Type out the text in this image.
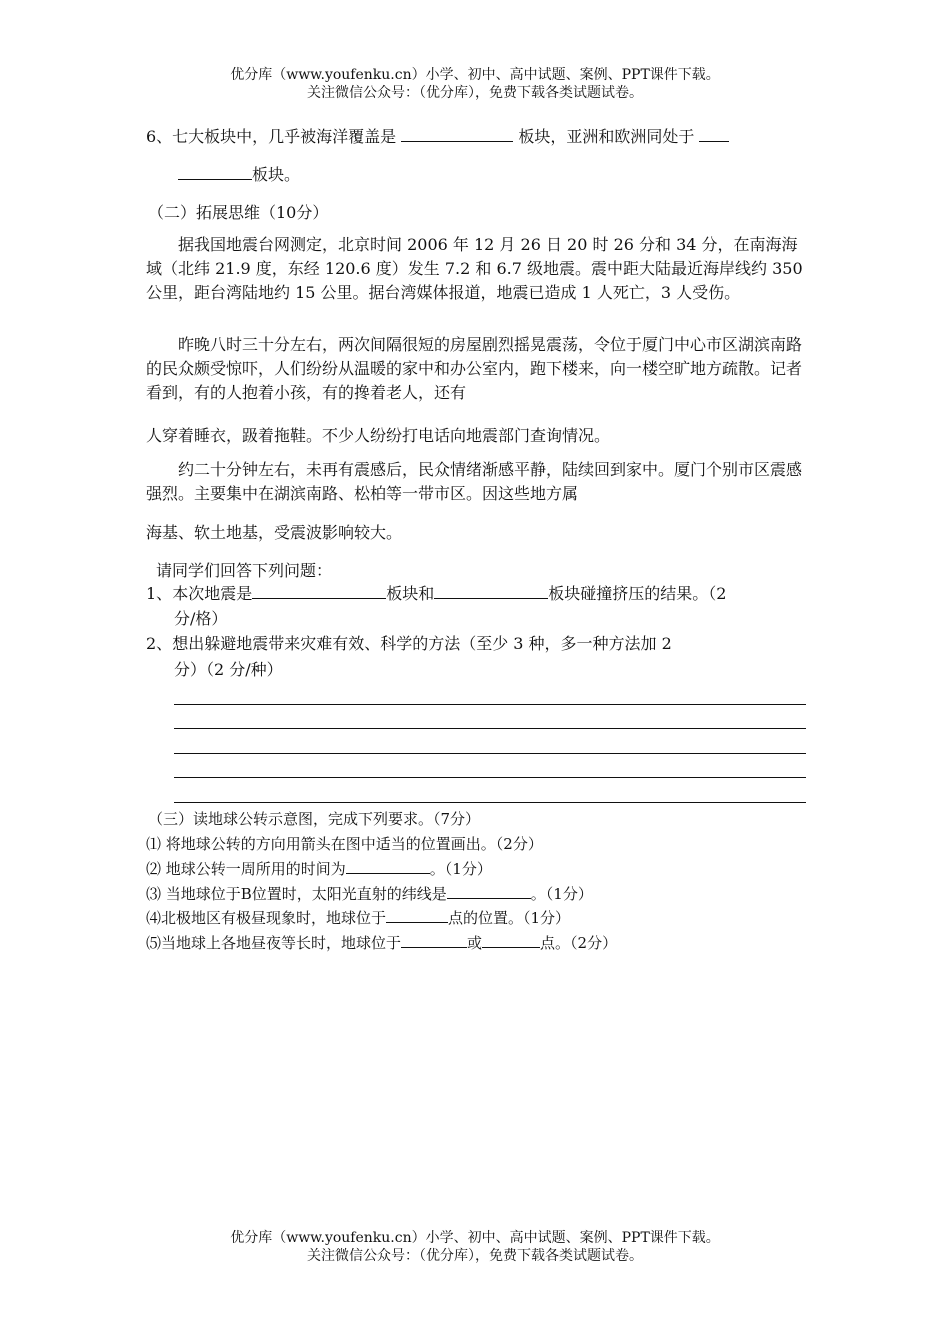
优分库（www.youfenku.cn）小学、初中、高中试题、案例、PPT课件下载。
关注微信公众号：（优分库），免费下载各类试题试卷。
6、七大板块中，几乎被海洋覆盖是	板块，亚洲和欧洲同处于
板块。
（二）拓展思维（10分）
据我国地震台网测定，北京时间 2006 年 12 月 26 日 20 时 26 分和 34 分，在南海海域（北纬 21.9 度，东经 120.6 度）发生 7.2 和 6.7 级地震。震中距大陆最近海岸线约 350 公里，距台湾陆地约 15 公里。据台湾媒体报道，地震已造成 1 人死亡，3 人受伤。
昨晚八时三十分左右，两次间隔很短的房屋剧烈摇晃震荡，令位于厦门中心市区湖滨南路的民众颇受惊吓，人们纷纷从温暖的家中和办公室内，跑下楼来，向一楼空旷地方疏散。记者看到，有的人抱着小孩，有的搀着老人，还有
人穿着睡衣，趿着拖鞋。不少人纷纷打电话向地震部门查询情况。
约二十分钟左右，未再有震感后，民众情绪渐感平静，陆续回到家中。厦门个别市区震感强烈。主要集中在湖滨南路、松柏等一带市区。因这些地方属
海基、软土地基，受震波影响较大。
请同学们回答下列问题：
1、本次地震是	板块和	板块碰撞挤压的结果。（2
分/格）
2、想出躲避地震带来灾难有效、科学的方法（至少 3 种，多一种方法加 2
分）（2 分/种）
（三）读地球公转示意图，完成下列要求。（7分）
⑴ 将地球公转的方向用箭头在图中适当的位置画出。（2分）
⑵ 地球公转一周所用的时间为	。（1分）
⑶ 当地球位于B位置时，太阳光直射的纬线是	。（1分）
⑷北极地区有极昼现象时，地球位于	点的位置。（1分）
⑸当地球上各地昼夜等长时，地球位于	或	点。（2分）
优分库（www.youfenku.cn）小学、初中、高中试题、案例、PPT课件下载。
关注微信公众号：（优分库），免费下载各类试题试卷。
